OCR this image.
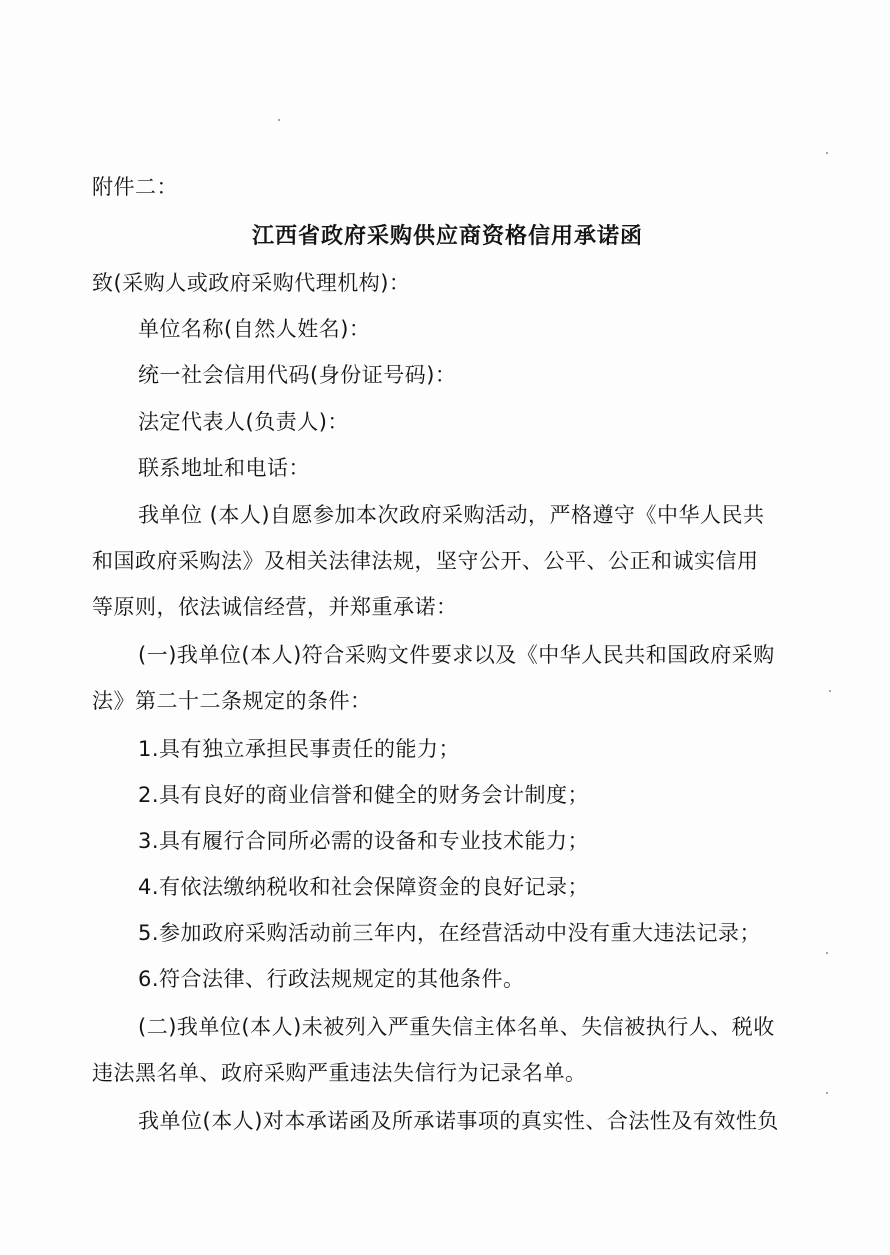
附件二：
江西省政府采购供应商资格信用承诺函
致(采购人或政府采购代理机构)：
单位名称(自然人姓名)：
统一社会信用代码(身份证号码)：
法定代表人(负责人)：
联系地址和电话：
我单位 (本人)自愿参加本次政府采购活动，严格遵守《中华人民共
和国政府采购法》及相关法律法规，坚守公开、公平、公正和诚实信用
等原则，依法诚信经营，并郑重承诺：
(一)我单位(本人)符合采购文件要求以及《中华人民共和国政府采购
法》第二十二条规定的条件：
1.具有独立承担民事责任的能力；
2.具有良好的商业信誉和健全的财务会计制度；
3.具有履行合同所必需的设备和专业技术能力；
4.有依法缴纳税收和社会保障资金的良好记录；
5.参加政府采购活动前三年内，在经营活动中没有重大违法记录；
6.符合法律、行政法规规定的其他条件。
(二)我单位(本人)未被列入严重失信主体名单、失信被执行人、税收
违法黑名单、政府采购严重违法失信行为记录名单。
我单位(本人)对本承诺函及所承诺事项的真实性、合法性及有效性负
